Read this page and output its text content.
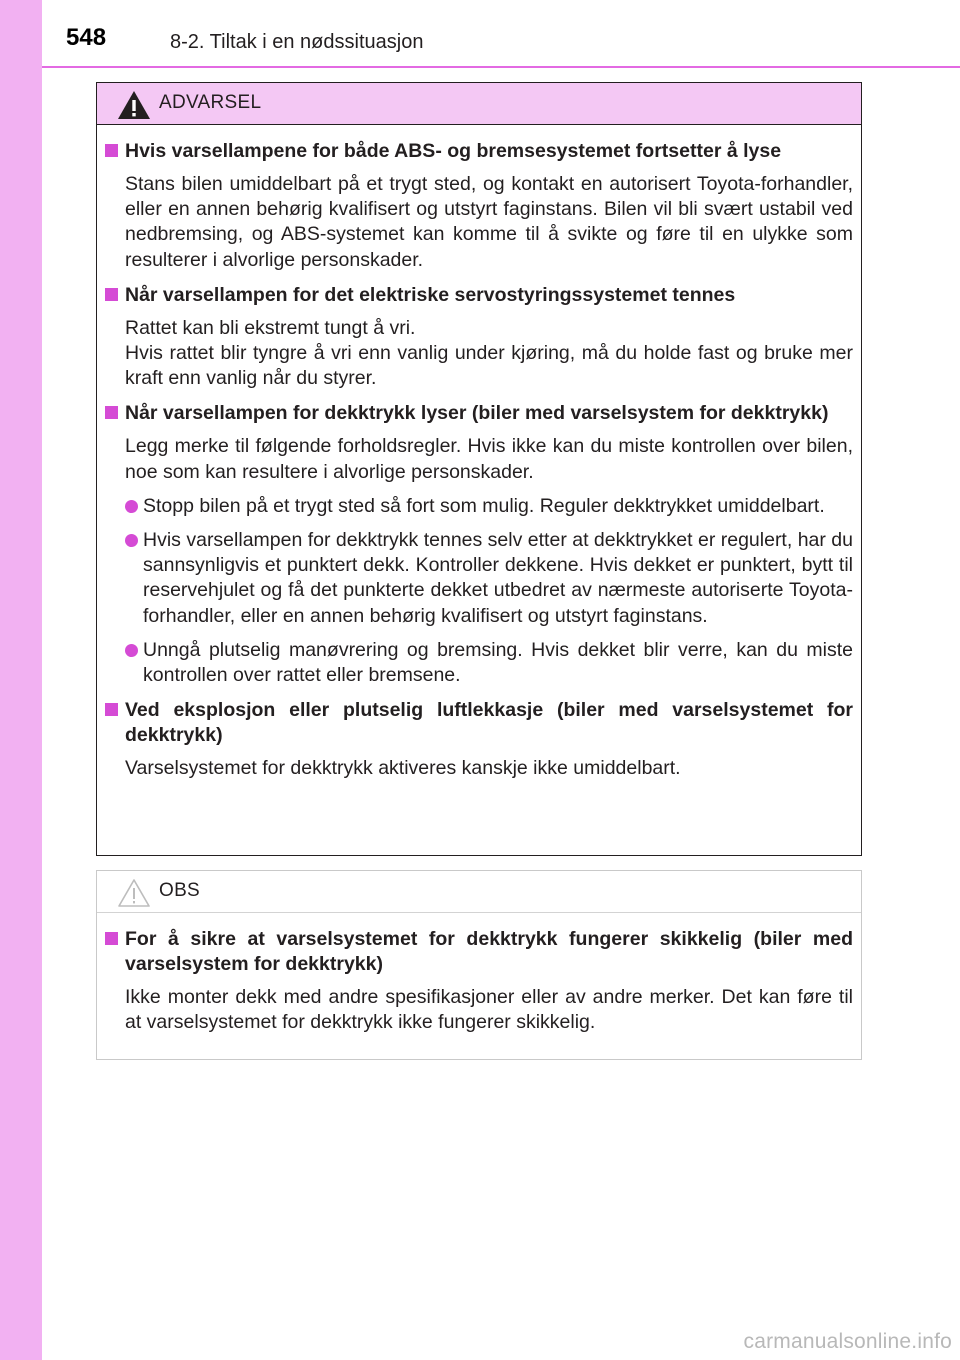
548	8-2. Tiltak i en nødssituasjon
ADVARSEL
Hvis varsellampene for både ABS- og bremsesystemet fortsetter å lyse
Stans bilen umiddelbart på et trygt sted, og kontakt en autorisert Toyota-forhandler, eller en annen behørig kvalifisert og utstyrt faginstans. Bilen vil bli svært ustabil ved nedbremsing, og ABS-systemet kan komme til å svikte og føre til en ulykke som resulterer i alvorlige personskader.
Når varsellampen for det elektriske servostyringssystemet tennes
Rattet kan bli ekstremt tungt å vri.
Hvis rattet blir tyngre å vri enn vanlig under kjøring, må du holde fast og bruke mer kraft enn vanlig når du styrer.
Når varsellampen for dekktrykk lyser (biler med varselsystem for dekktrykk)
Legg merke til følgende forholdsregler. Hvis ikke kan du miste kontrollen over bilen, noe som kan resultere i alvorlige personskader.
Stopp bilen på et trygt sted så fort som mulig. Reguler dekktrykket umiddelbart.
Hvis varsellampen for dekktrykk tennes selv etter at dekktrykket er regulert, har du sannsynligvis et punktert dekk. Kontroller dekkene. Hvis dekket er punktert, bytt til reservehjulet og få det punkterte dekket utbedret av nærmeste autoriserte Toyota-forhandler, eller en annen behørig kvalifisert og utstyrt faginstans.
Unngå plutselig manøvrering og bremsing. Hvis dekket blir verre, kan du miste kontrollen over rattet eller bremsene.
Ved eksplosjon eller plutselig luftlekkasje (biler med varselsystemet for dekktrykk)
Varselsystemet for dekktrykk aktiveres kanskje ikke umiddelbart.
OBS
For å sikre at varselsystemet for dekktrykk fungerer skikkelig (biler med varselsystem for dekktrykk)
Ikke monter dekk med andre spesifikasjoner eller av andre merker. Det kan føre til at varselsystemet for dekktrykk ikke fungerer skikkelig.
carmanualsonline.info
